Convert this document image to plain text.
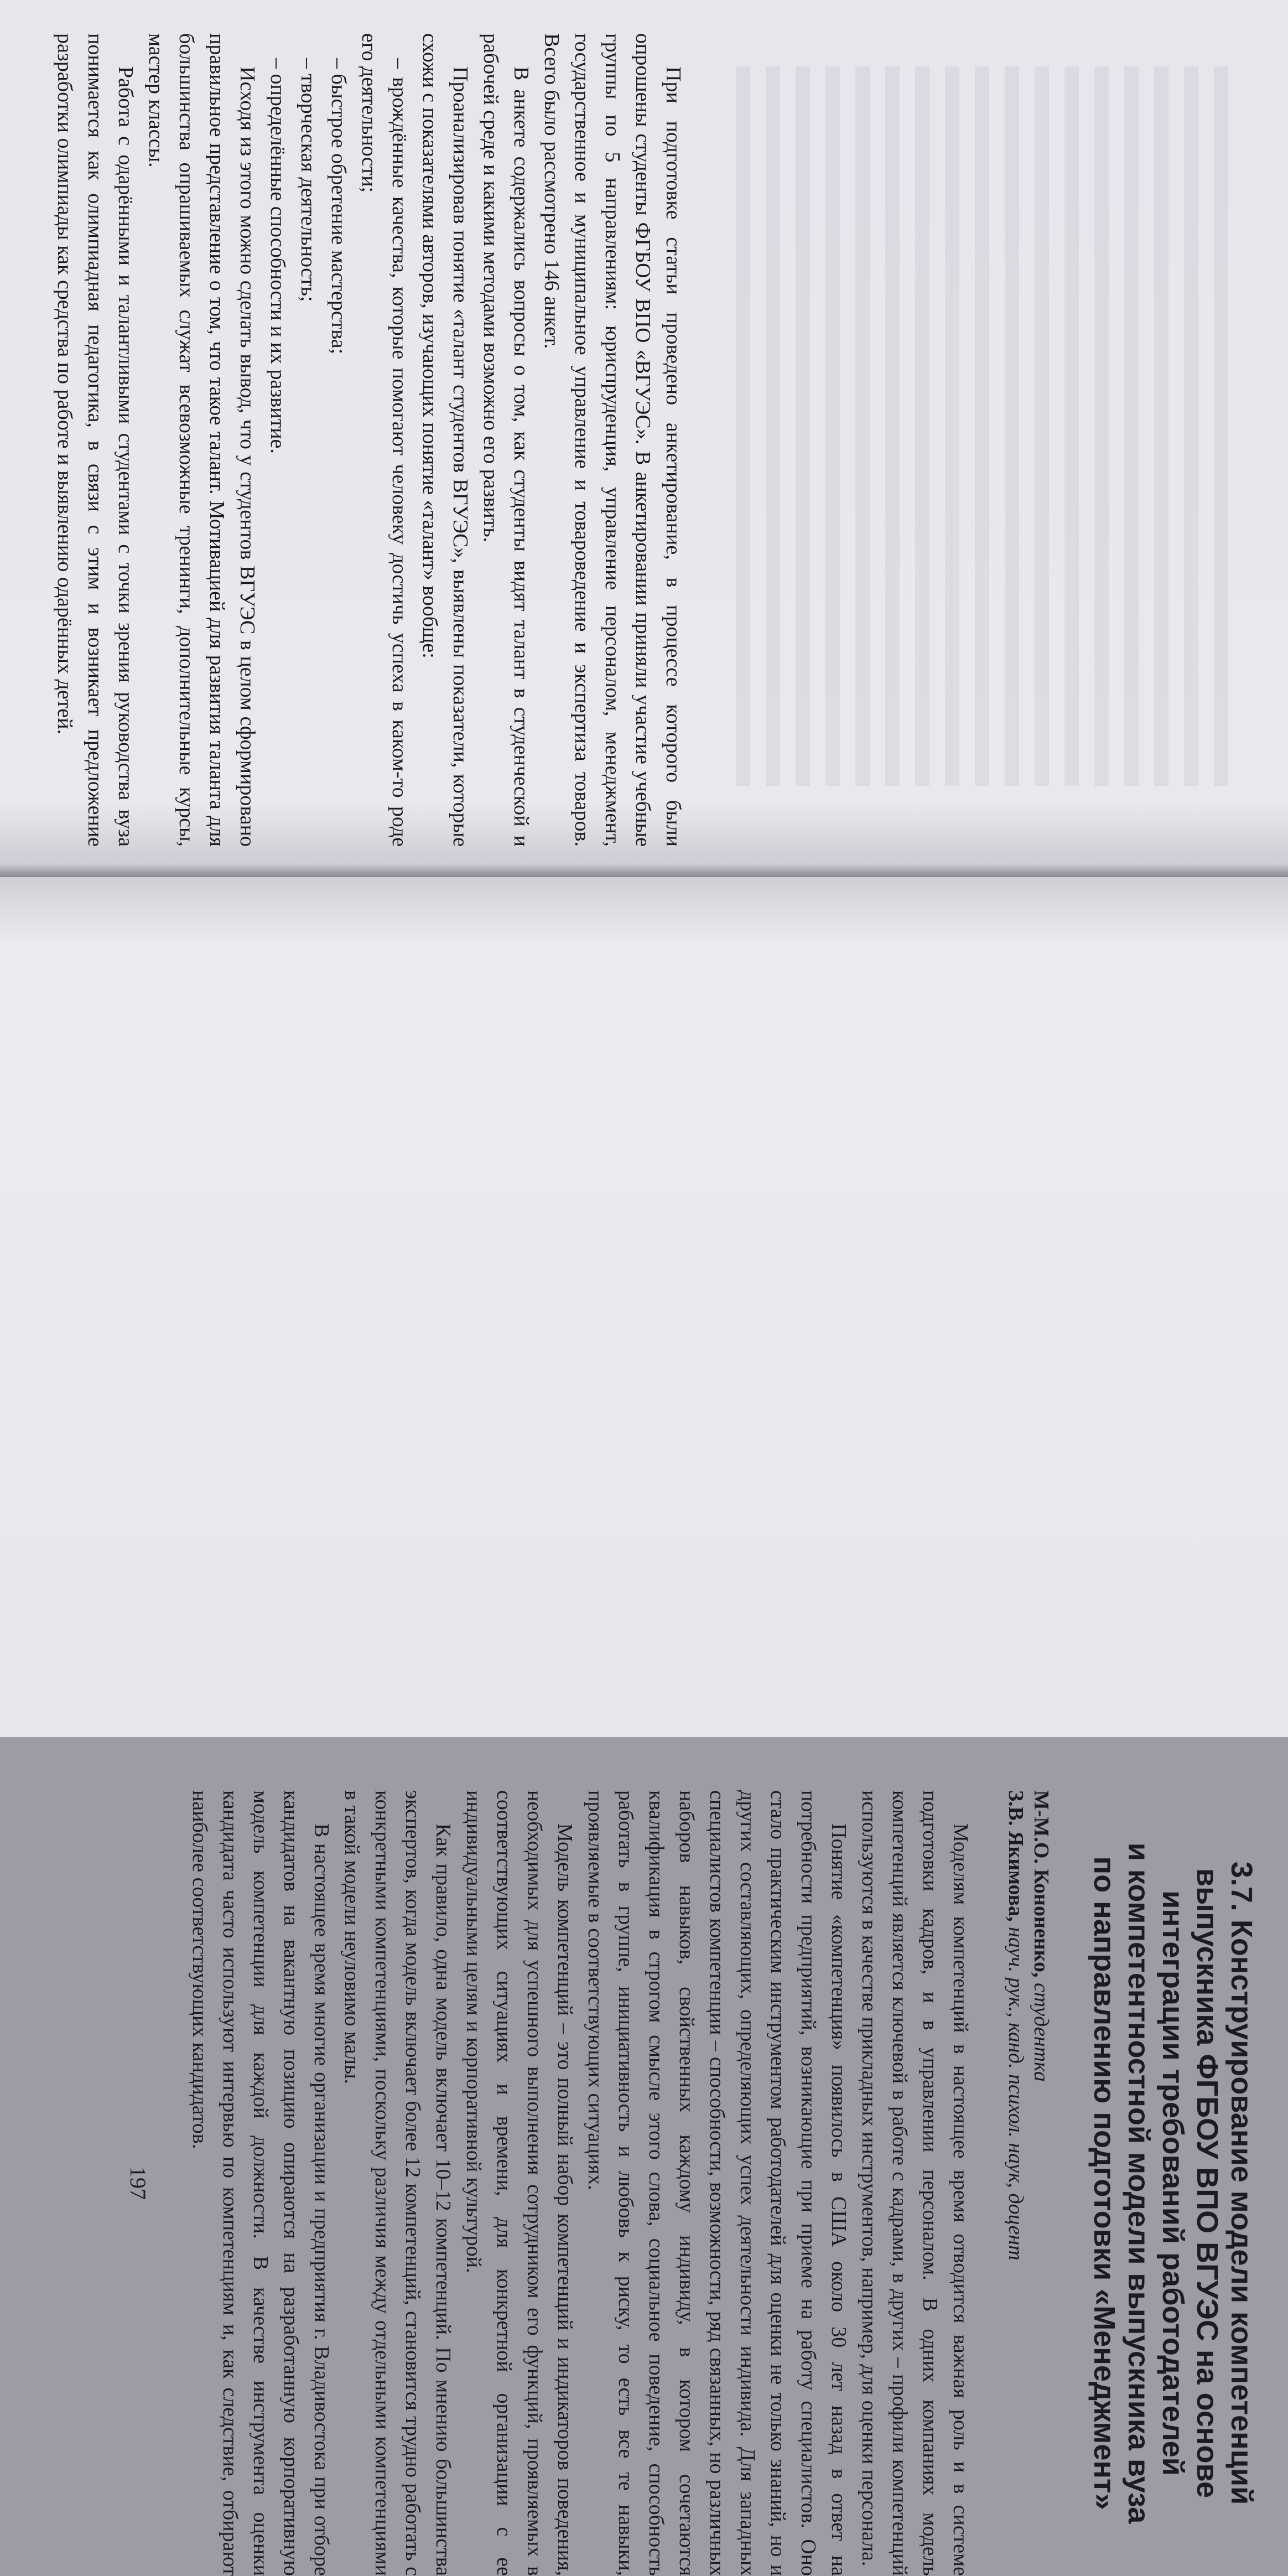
При подготовке статьи проведено анкетирование, в процессе которого были опрошены студенты ФГБОУ ВПО «ВГУЭС». В анкетировании приняли участие учебные группы по 5 направлениям: юриспруденция, управление персоналом, менеджмент, государственное и муниципальное управление и товароведение и экспертиза товаров. Всего было рассмотрено 146 анкет.

В анкете содержались вопросы о том, как студенты видят талант в студенческой и рабочей среде и какими методами возможно его развить.

Проанализировав понятие «талант студентов ВГУЭС», выявлены показатели, которые схожи с показателями авторов, изучающих понятие «талант» вообще:

– врождённые качества, которые помогают человеку достичь успеха в каком-то роде его деятельности;

– быстрое обретение мастерства;

– творческая деятельность;

– определённые способности и их развитие.

Исходя из этого можно сделать вывод, что у студентов ВГУЭС в целом сформировано правильное представление о том, что такое талант. Мотивацией для развития таланта для большинства опрашиваемых служат всевозможные тренинги, дополнительные курсы, мастер классы.

Работа с одарёнными и талантливыми студентами с точки зрения руководства вуза понимается как олимпиадная педагогика, в связи с этим и возникает предложение разработки олимпиады как средства по работе и выявлению одарённых детей.

3.7. Конструирование модели компетенций
выпускника ФГБОУ ВПО ВГУЭС на основе
интеграции требований работодателей
и компетентностной модели выпускника вуза
по направлению подготовки «Менеджмент»

М-М.О. Кононенко, студентка

З.В. Якимова, науч. рук., канд. психол. наук, доцент

Моделям компетенций в настоящее время отводится важная роль и в системе подготовки кадров, и в управлении персоналом. В одних компаниях модель компетенций является ключевой в работе с кадрами, в других – профили компетенций используются в качестве прикладных инструментов, например, для оценки персонала.

Понятие «компетенция» появилось в США около 30 лет назад в ответ на потребности предприятий, возникающие при приеме на работу специалистов. Оно стало практическим инструментом работодателей для оценки не только знаний, но и других составляющих, определяющих успех деятельности индивида. Для западных специалистов компетенции – способности, возможности, ряд связанных, но различных наборов навыков, свойственных каждому индивиду, в котором сочетаются квалификация в строгом смысле этого слова, социальное поведение, способность работать в группе, инициативность и любовь к риску, то есть все те навыки, проявляемые в соответствующих ситуациях.

Модель компетенций – это полный набор компетенций и индикаторов поведения, необходимых для успешного выполнения сотрудником его функций, проявляемых в соответствующих ситуациях и времени, для конкретной организации с ее индивидуальными целям и корпоративной культурой.

Как правило, одна модель включает 10–12 компетенций. По мнению большинства экспертов, когда модель включает более 12 компетенций, становится трудно работать с конкретными компетенциями, поскольку различия между отдельными компетенциями в такой модели неуловимо малы.

В настоящее время многие организации и предприятия г. Владивостока при отборе кандидатов на вакантную позицию опираются на разработанную корпоративную модель компетенции для каждой должности. В качестве инструмента оценки кандидата часто используют интервью по компетенциям и, как следствие, отбирают наиболее соответствующих кандидатов.

197
